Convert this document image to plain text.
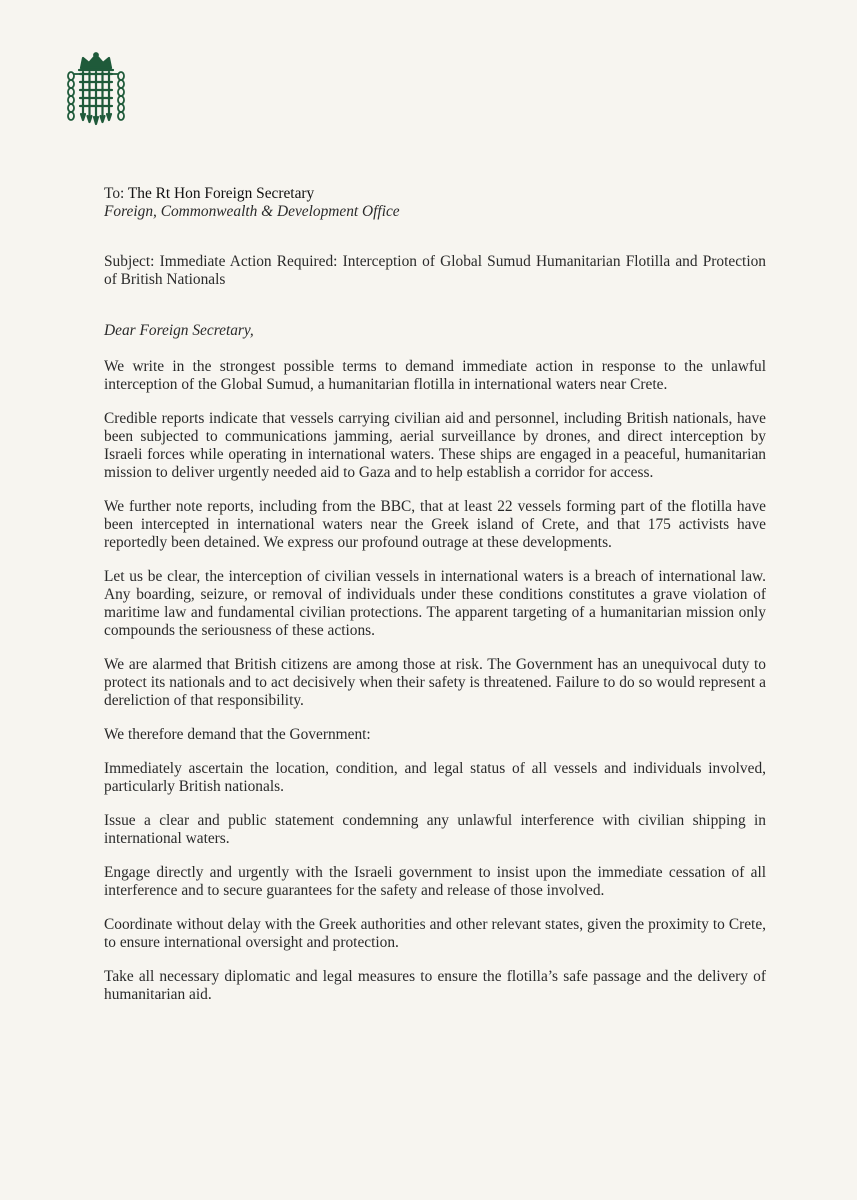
To: The Rt Hon Foreign Secretary

Foreign, Commonwealth & Development Office

Subject: Immediate Action Required: Interception of Global Sumud Humanitarian Flotilla and Protection of British Nationals

Dear Foreign Secretary,

We write in the strongest possible terms to demand immediate action in response to the unlawful interception of the Global Sumud, a humanitarian flotilla in international waters near Crete.

Credible reports indicate that vessels carrying civilian aid and personnel, including British nationals, have been subjected to communications jamming, aerial surveillance by drones, and direct interception by Israeli forces while operating in international waters. These ships are engaged in a peaceful, humanitarian mission to deliver urgently needed aid to Gaza and to help establish a corridor for access.

We further note reports, including from the BBC, that at least 22 vessels forming part of the flotilla have been intercepted in international waters near the Greek island of Crete, and that 175 activists have reportedly been detained. We express our profound outrage at these developments.

Let us be clear, the interception of civilian vessels in international waters is a breach of international law. Any boarding, seizure, or removal of individuals under these conditions constitutes a grave violation of maritime law and fundamental civilian protections. The apparent targeting of a humanitarian mission only compounds the seriousness of these actions.

We are alarmed that British citizens are among those at risk. The Government has an unequivocal duty to protect its nationals and to act decisively when their safety is threatened. Failure to do so would represent a dereliction of that responsibility.

We therefore demand that the Government:

Immediately ascertain the location, condition, and legal status of all vessels and individuals involved, particularly British nationals.

Issue a clear and public statement condemning any unlawful interference with civilian shipping in international waters.

Engage directly and urgently with the Israeli government to insist upon the immediate cessation of all interference and to secure guarantees for the safety and release of those involved.

Coordinate without delay with the Greek authorities and other relevant states, given the proximity to Crete, to ensure international oversight and protection.

Take all necessary diplomatic and legal measures to ensure the flotilla’s safe passage and the delivery of humanitarian aid.
